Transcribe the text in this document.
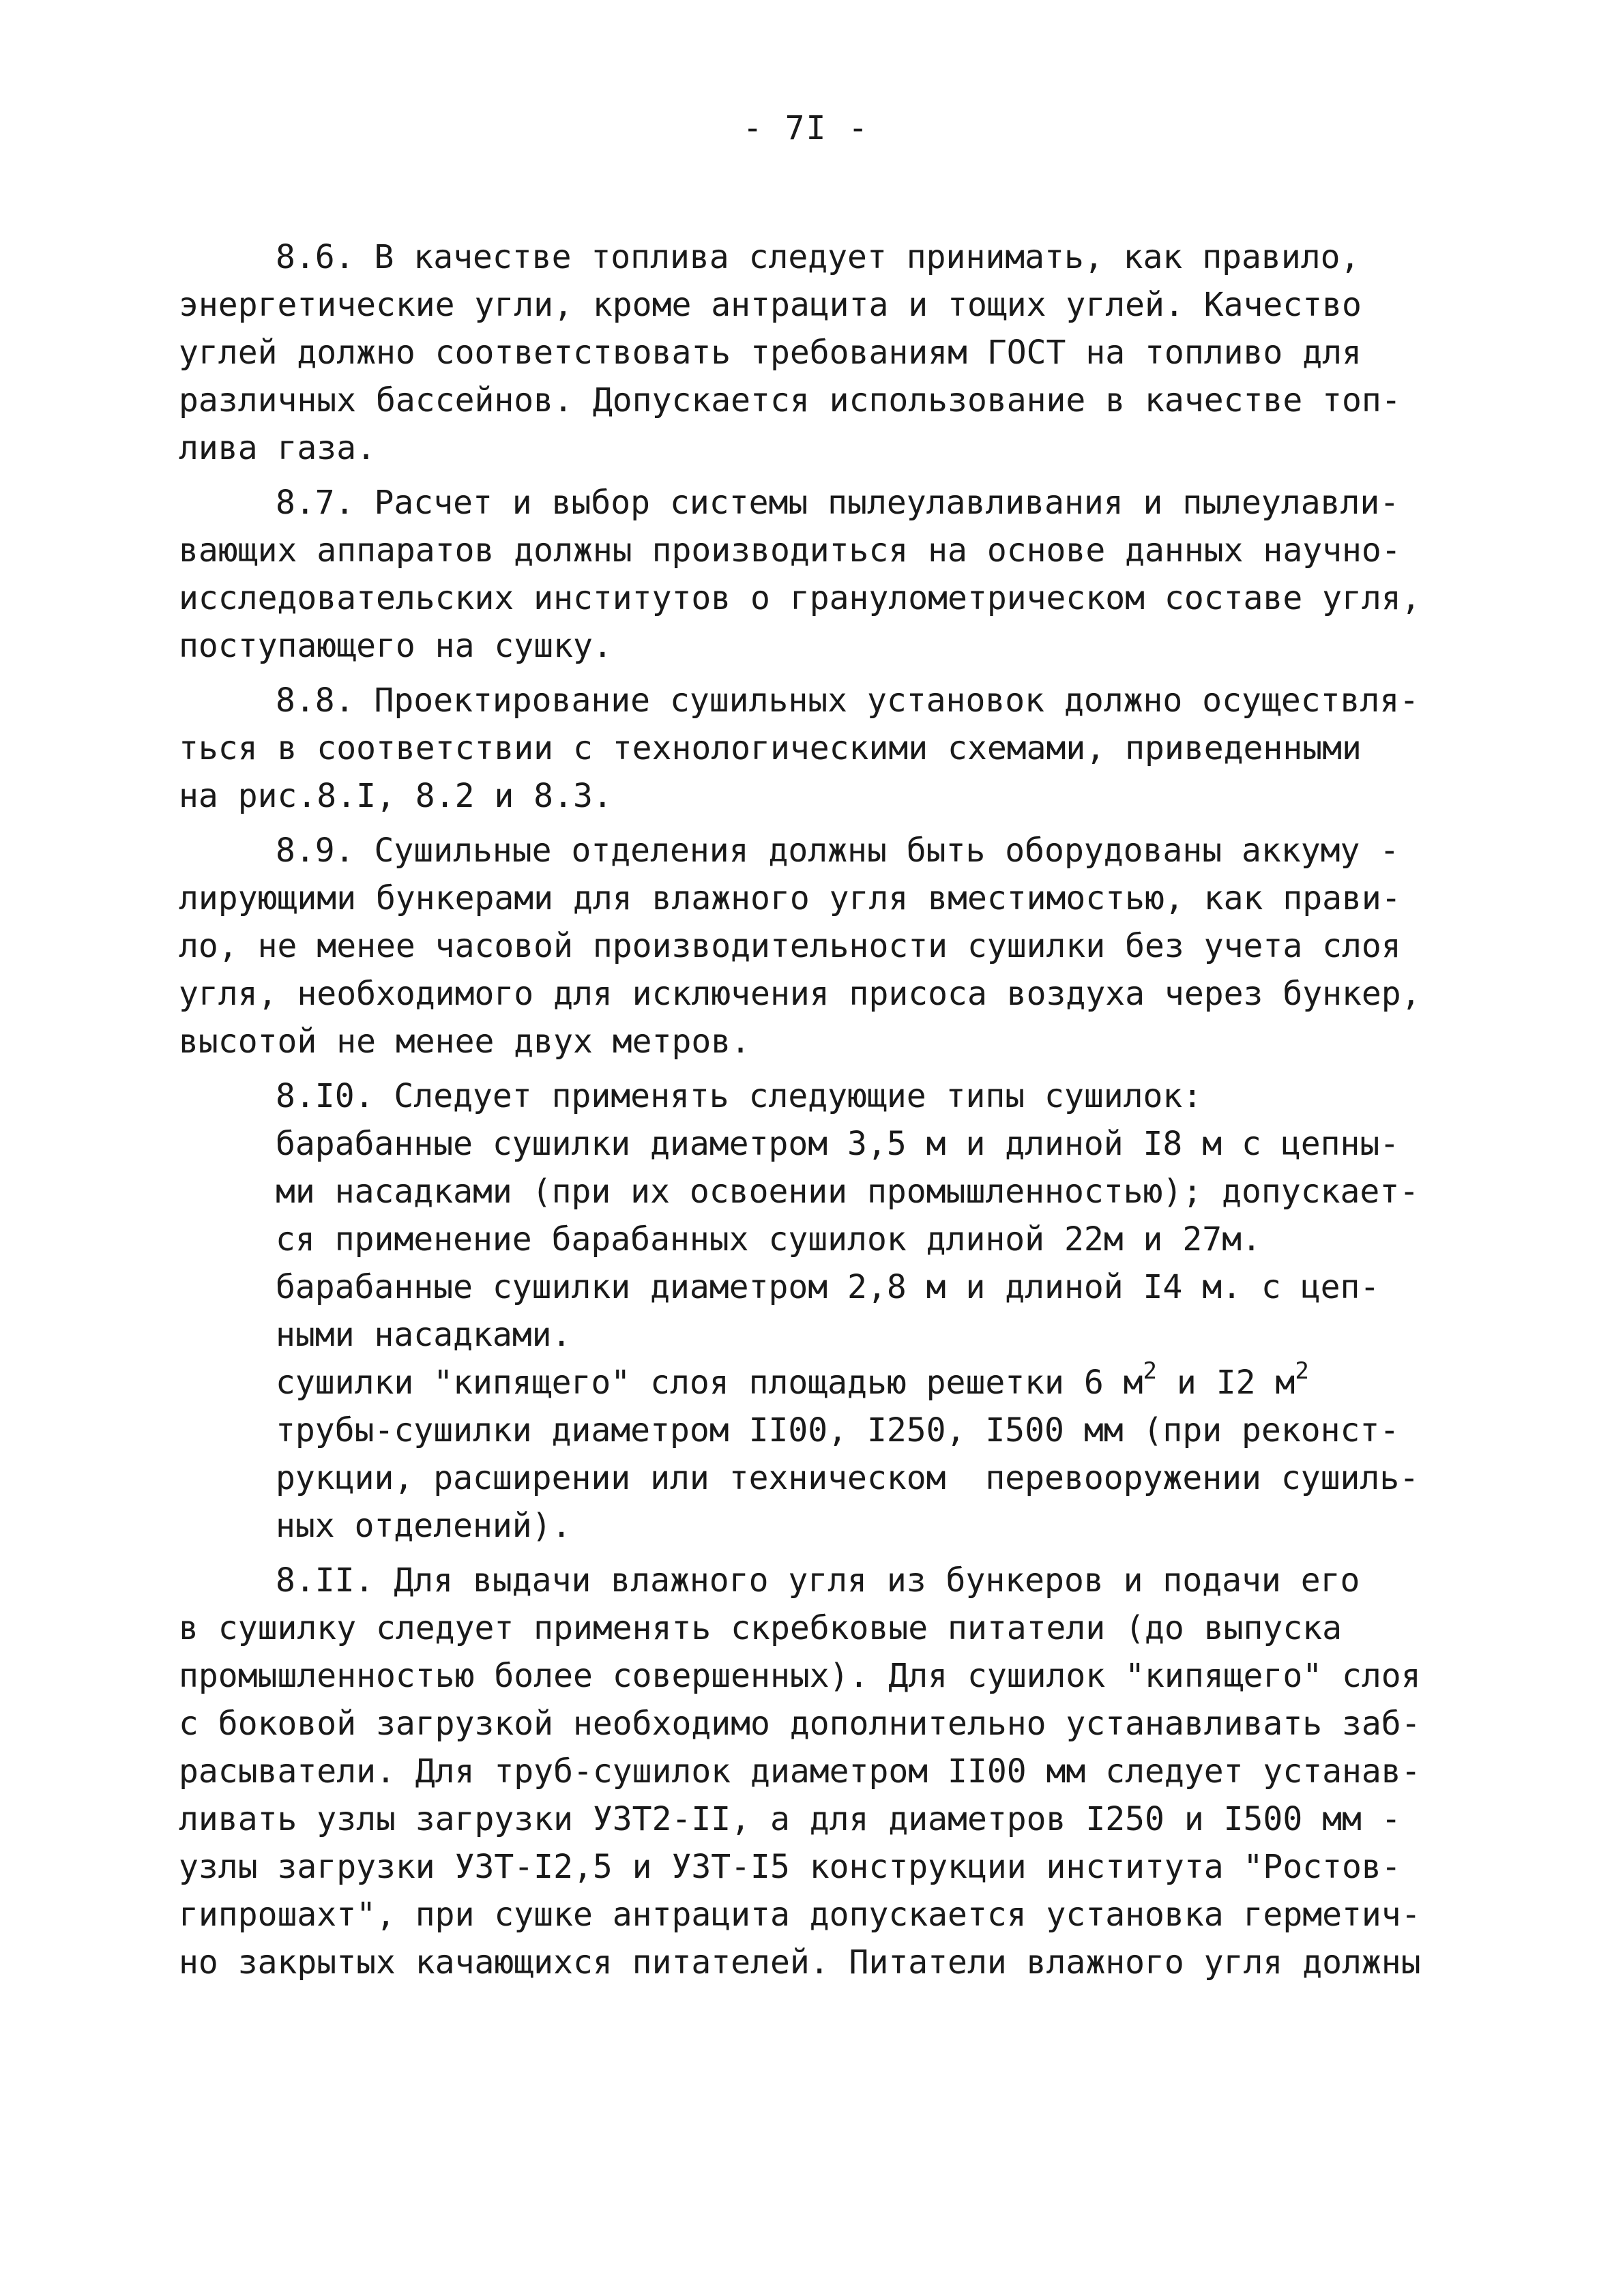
- 7I -
8.6. В качестве топлива следует принимать, как правило,
энергетические угли, кроме антрацита и тощих углей. Качество
углей должно соответствовать требованиям ГОСТ на топливо для
различных бассейнов. Допускается использование в качестве топ-
лива газа.
8.7. Расчет и выбор системы пылеулавливания и пылеулавли-
вающих аппаратов должны производиться на основе данных научно-
исследовательских институтов о гранулометрическом составе угля,
поступающего на сушку.
8.8. Проектирование сушильных установок должно осуществля-
ться в соответствии с технологическими схемами, приведенными
на рис.8.I, 8.2 и 8.3.
8.9. Сушильные отделения должны быть оборудованы аккуму -
лирующими бункерами для влажного угля вместимостью, как прави-
ло, не менее часовой производительности сушилки без учета слоя
угля, необходимого для исключения присоса воздуха через бункер,
высотой не менее двух метров.
8.I0. Следует применять следующие типы сушилок:
барабанные сушилки диаметром 3,5 м и длиной I8 м с цепны-
ми насадками (при их освоении промышленностью); допускает-
ся применение барабанных сушилок длиной 22м и 27м.
барабанные сушилки диаметром 2,8 м и длиной I4 м. с цеп-
ными насадками.
сушилки "кипящего" слоя площадью решетки 6 $м^2$ и I2 $м^2$
трубы-сушилки диаметром II00, I250, I500 мм (при реконст-
рукции, расширении или техническом  перевооружении сушиль-
ных отделений).
8.II. Для выдачи влажного угля из бункеров и подачи его
в сушилку следует применять скребковые питатели (до выпуска
промышленностью более совершенных). Для сушилок "кипящего" слоя
с боковой загрузкой необходимо дополнительно устанавливать заб-
расыватели. Для труб-сушилок диаметром II00 мм следует устанав-
ливать узлы загрузки УЗТ2-II, а для диаметров I250 и I500 мм -
узлы загрузки УЗТ-I2,5 и УЗТ-I5 конструкции института "Ростов-
гипрошахт", при сушке антрацита допускается установка герметич-
но закрытых качающихся питателей. Питатели влажного угля должны
